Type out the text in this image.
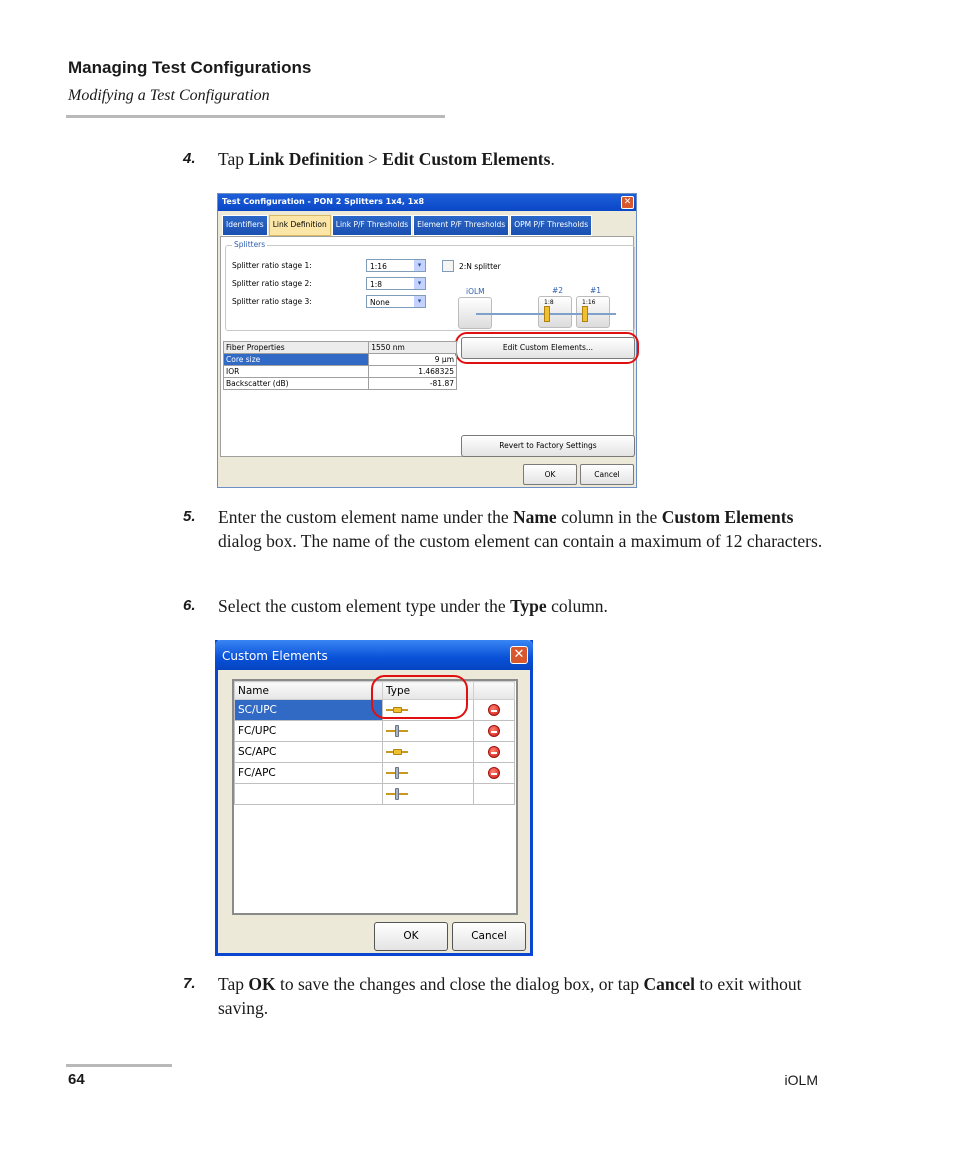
Managing Test Configurations
Modifying a Test Configuration
4. Tap Link Definition > Edit Custom Elements.
Test Configuration - PON 2 Splitters 1x4, 1x8	✕
Identifiers	Link Definition	Link P/F Thresholds	Element P/F Thresholds	OPM P/F Thresholds
Splitters
Splitter ratio stage 1:	1:16	▾
Splitter ratio stage 2:	1:8	▾
Splitter ratio stage 3:	None	▾
2:N splitter
iOLM	#2	#1
1:8	1:16
Edit Custom Elements...
Fiber Properties	1550 nm
Core size	9 µm
IOR	1.468325
Backscatter (dB)	-81.87
Revert to Factory Settings
OK	Cancel
5. Enter the custom element name under the Name column in the Custom Elements dialog box. The name of the custom element can contain a maximum of 12 characters.
6. Select the custom element type under the Type column.
Custom Elements	✕
Name	Type	
SC/UPC	

FC/UPC	

SC/APC	

FC/APC	

OK	Cancel
7. Tap OK to save the changes and close the dialog box, or tap Cancel to exit without saving.
64	iOLM
